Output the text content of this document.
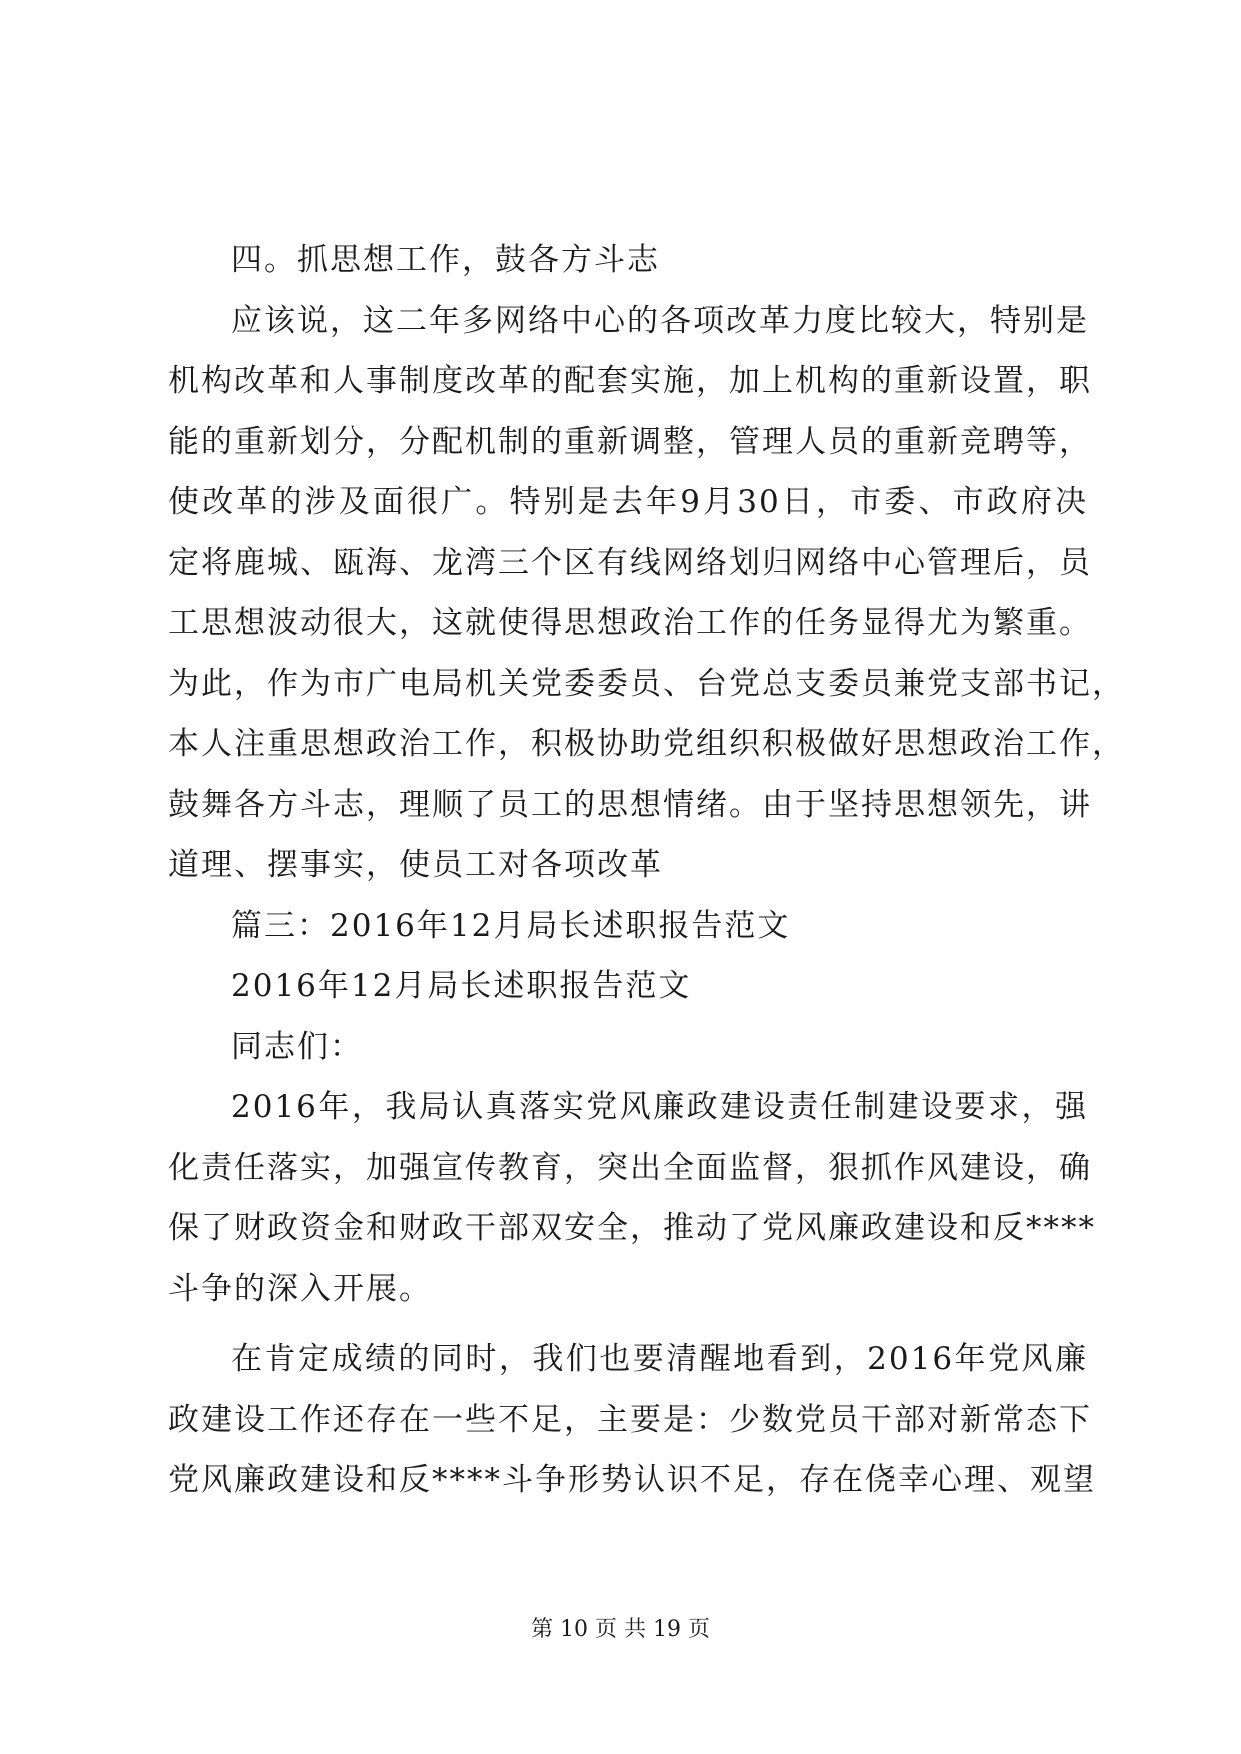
四。抓思想工作，鼓各方斗志
应该说，这二年多网络中心的各项改革力度比较大，特别是
机构改革和人事制度改革的配套实施，加上机构的重新设置，职
能的重新划分，分配机制的重新调整，管理人员的重新竞聘等，
使改革的涉及面很广。特别是去年9月30日，市委、市政府决
定将鹿城、瓯海、龙湾三个区有线网络划归网络中心管理后，员
工思想波动很大，这就使得思想政治工作的任务显得尤为繁重。
为此，作为市广电局机关党委委员、台党总支委员兼党支部书记，
本人注重思想政治工作，积极协助党组织积极做好思想政治工作，
鼓舞各方斗志，理顺了员工的思想情绪。由于坚持思想领先，讲
道理、摆事实，使员工对各项改革
篇三：2016年12月局长述职报告范文
2016年12月局长述职报告范文
同志们：
2016年，我局认真落实党风廉政建设责任制建设要求，强
化责任落实，加强宣传教育，突出全面监督，狠抓作风建设，确
保了财政资金和财政干部双安全，推动了党风廉政建设和反****
斗争的深入开展。
在肯定成绩的同时，我们也要清醒地看到，2016年党风廉
政建设工作还存在一些不足，主要是：少数党员干部对新常态下
党风廉政建设和反****斗争形势认识不足，存在侥幸心理、观望
第 10 页 共 19 页
